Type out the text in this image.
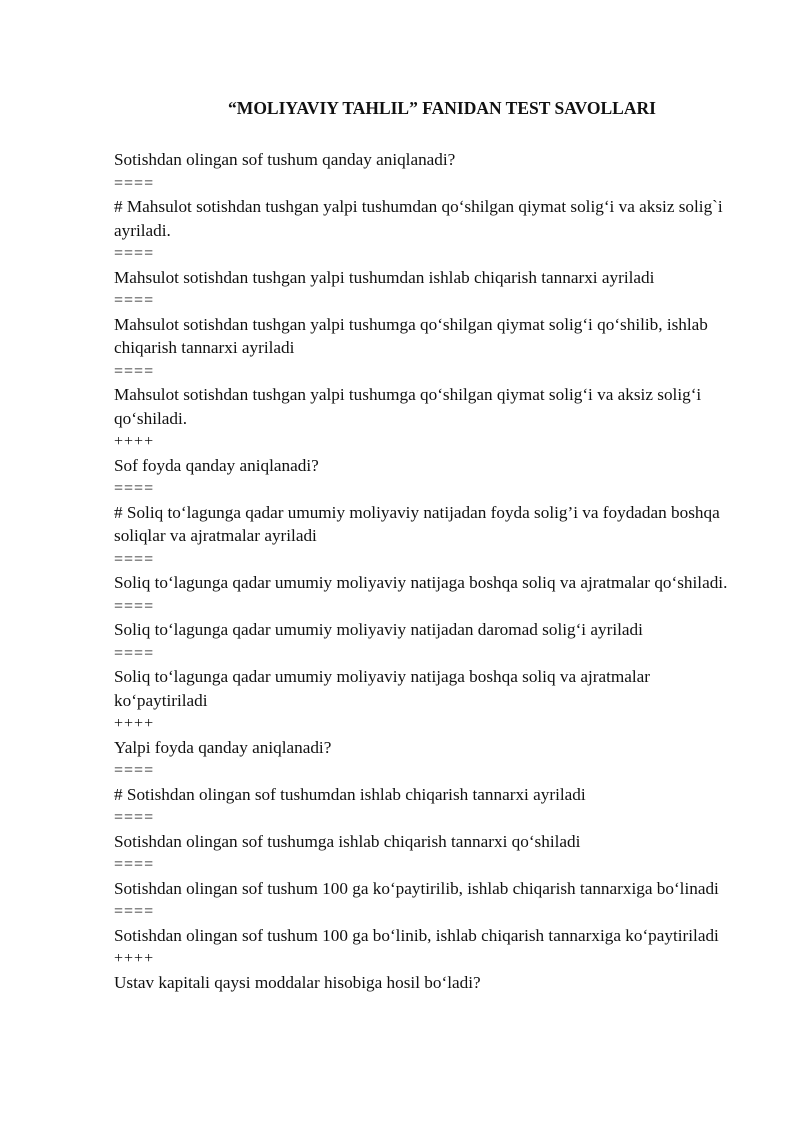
“MOLIYAVIY TAHLIL” FANIDAN TEST SAVOLLARI
Sotishdan olingan sof tushum qanday aniqlanadi?
====
# Mahsulot sotishdan tushgan yalpi tushumdan qo‘shilgan qiymat solig‘i va aksiz solig`i ayriladi.
====
Mahsulot sotishdan tushgan yalpi tushumdan ishlab chiqarish tannarxi ayriladi
====
Mahsulot sotishdan tushgan yalpi tushumga qo‘shilgan qiymat solig‘i qo‘shilib, ishlab chiqarish tannarxi ayriladi
====
Mahsulot sotishdan tushgan yalpi tushumga qo‘shilgan qiymat solig‘i va aksiz solig‘i qo‘shiladi.
++++
Sof foyda qanday aniqlanadi?
====
# Soliq to‘lagunga qadar umumiy moliyaviy natijadan foyda solig’i va foydadan boshqa soliqlar va ajratmalar ayriladi
====
Soliq to‘lagunga qadar umumiy moliyaviy natijaga boshqa soliq va ajratmalar qo‘shiladi.
====
Soliq to‘lagunga qadar umumiy moliyaviy natijadan daromad solig‘i ayriladi
====
Soliq to‘lagunga qadar umumiy moliyaviy natijaga boshqa soliq va ajratmalar ko‘paytiriladi
++++
Yalpi foyda qanday aniqlanadi?
====
# Sotishdan olingan sof tushumdan ishlab chiqarish tannarxi ayriladi
====
Sotishdan olingan sof tushumga ishlab chiqarish tannarxi qo‘shiladi
====
Sotishdan olingan sof tushum 100 ga ko‘paytirilib, ishlab chiqarish tannarxiga bo‘linadi
====
Sotishdan olingan sof tushum 100 ga bo‘linib, ishlab chiqarish tannarxiga ko‘paytiriladi
++++
Ustav kapitali qaysi moddalar hisobiga hosil bo‘ladi?
